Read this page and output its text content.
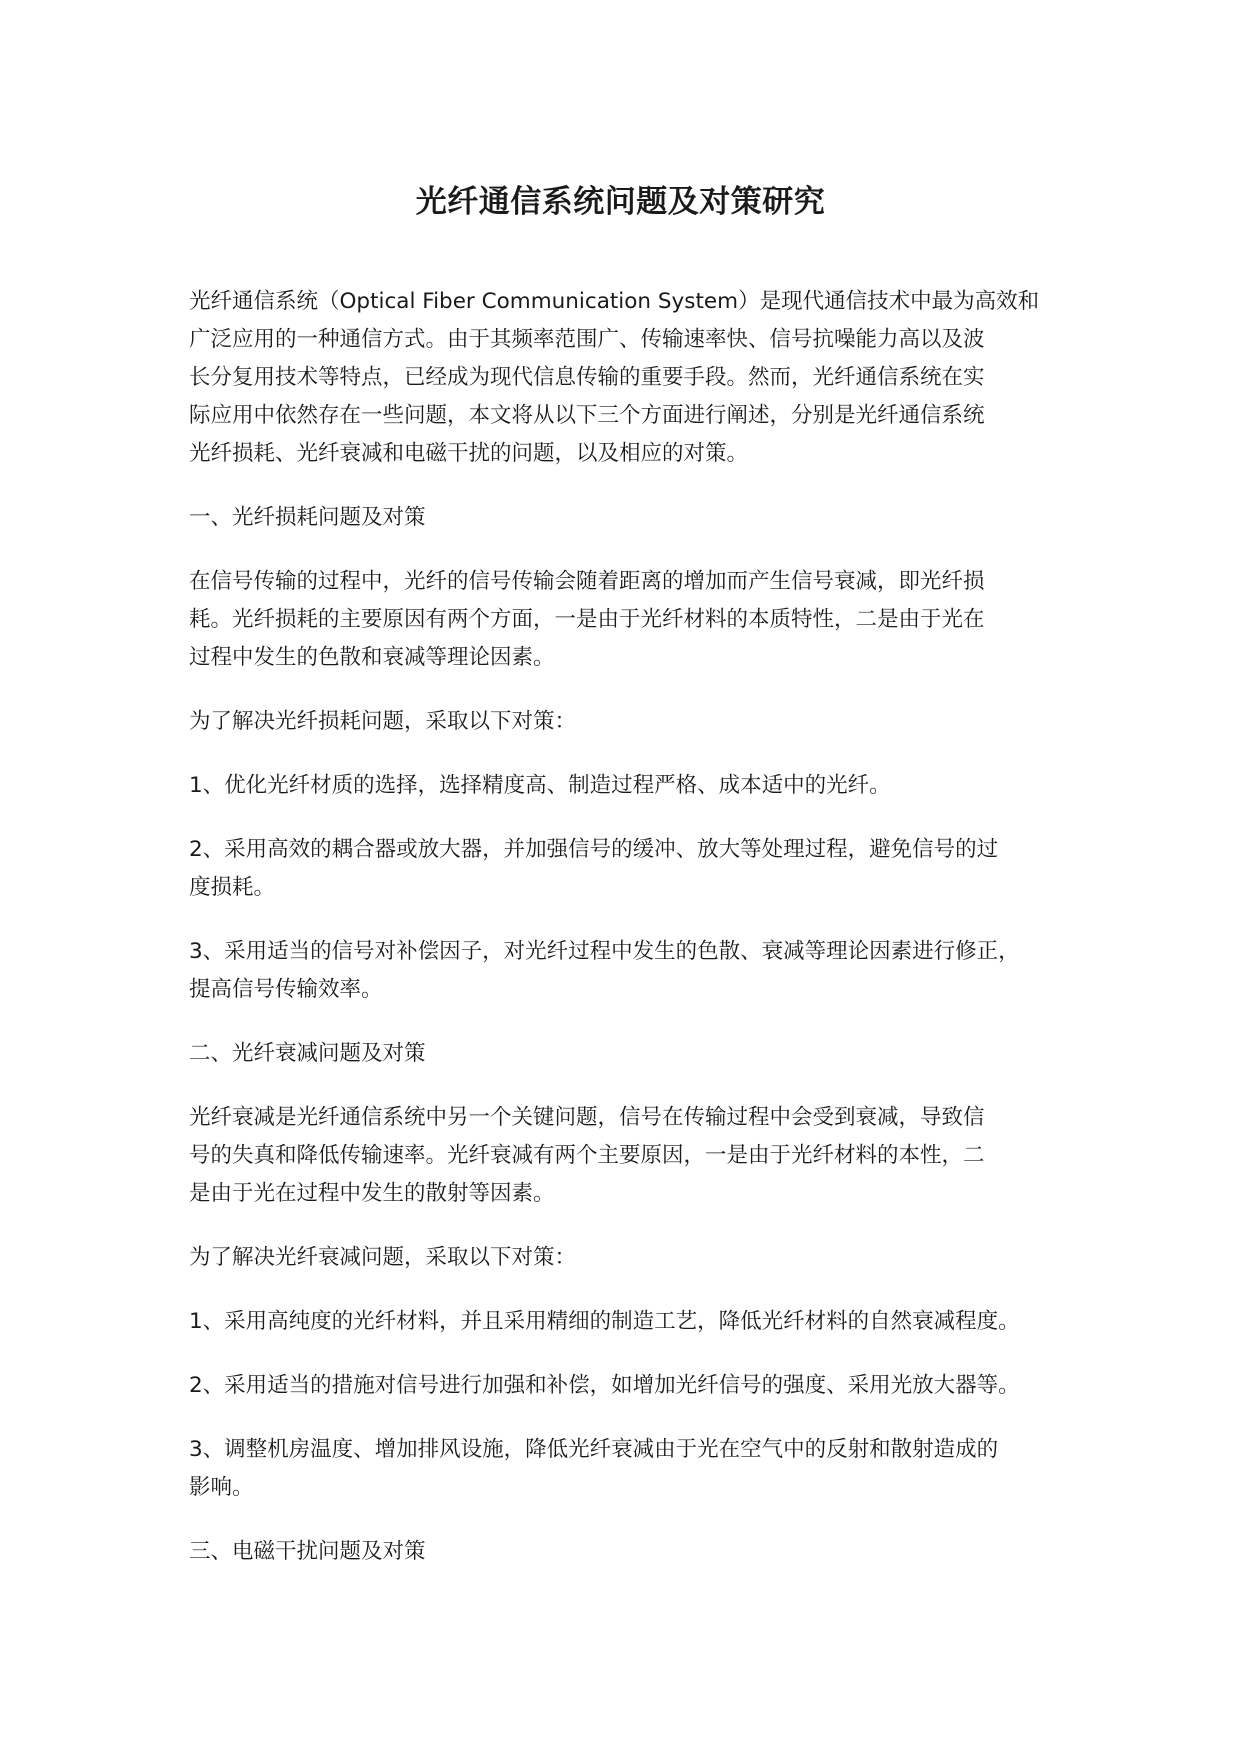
光纤通信系统问题及对策研究

光纤通信系统（Optical Fiber Communication System）是现代通信技术中最为高效和

广泛应用的一种通信方式。由于其频率范围广、传输速率快、信号抗噪能力高以及波

长分复用技术等特点，已经成为现代信息传输的重要手段。然而，光纤通信系统在实

际应用中依然存在一些问题，本文将从以下三个方面进行阐述，分别是光纤通信系统

光纤损耗、光纤衰减和电磁干扰的问题，以及相应的对策。

一、光纤损耗问题及对策

在信号传输的过程中，光纤的信号传输会随着距离的增加而产生信号衰减，即光纤损

耗。光纤损耗的主要原因有两个方面，一是由于光纤材料的本质特性，二是由于光在

过程中发生的色散和衰减等理论因素。

为了解决光纤损耗问题，采取以下对策：

1、优化光纤材质的选择，选择精度高、制造过程严格、成本适中的光纤。

2、采用高效的耦合器或放大器，并加强信号的缓冲、放大等处理过程，避免信号的过

度损耗。

3、采用适当的信号对补偿因子，对光纤过程中发生的色散、衰减等理论因素进行修正，

提高信号传输效率。

二、光纤衰减问题及对策

光纤衰减是光纤通信系统中另一个关键问题，信号在传输过程中会受到衰减，导致信

号的失真和降低传输速率。光纤衰减有两个主要原因，一是由于光纤材料的本性，二

是由于光在过程中发生的散射等因素。

为了解决光纤衰减问题，采取以下对策：

1、采用高纯度的光纤材料，并且采用精细的制造工艺，降低光纤材料的自然衰减程度。

2、采用适当的措施对信号进行加强和补偿，如增加光纤信号的强度、采用光放大器等。

3、调整机房温度、增加排风设施，降低光纤衰减由于光在空气中的反射和散射造成的

影响。

三、电磁干扰问题及对策
